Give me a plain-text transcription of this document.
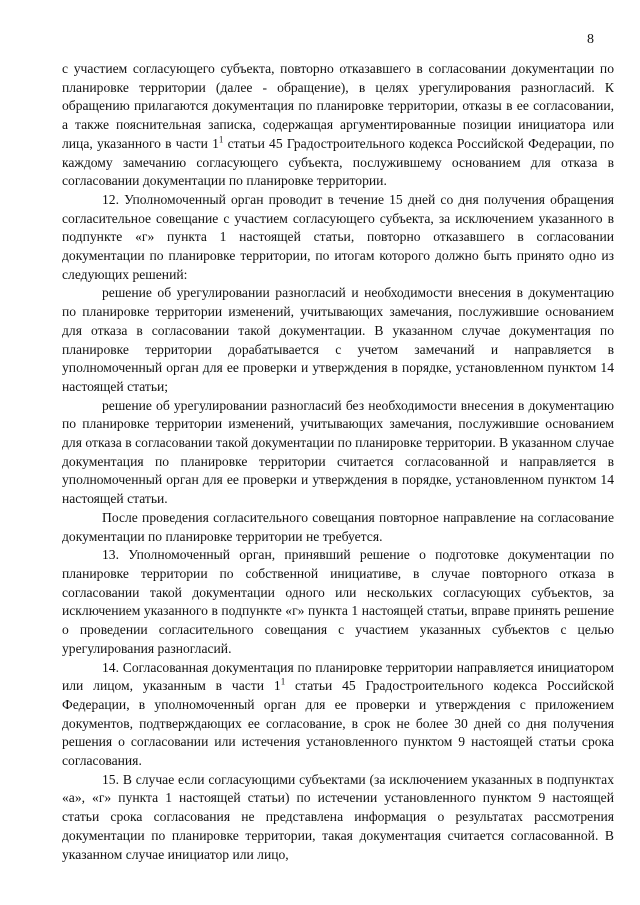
8

с участием согласующего субъекта, повторно отказавшего в согласовании документации по планировке территории (далее - обращение), в целях урегулирования разногласий. К обращению прилагаются документация по планировке территории, отказы в ее согласовании, а также пояснительная записка, содержащая аргументированные позиции инициатора или лица, указанного в части $1^1$ статьи 45 Градостроительного кодекса Российской Федерации, по каждому замечанию согласующего субъекта, послужившему основанием для отказа в согласовании документации по планировке территории.

12. Уполномоченный орган проводит в течение 15 дней со дня получения обращения согласительное совещание с участием согласующего субъекта, за исключением указанного в подпункте «г» пункта 1 настоящей статьи, повторно отказавшего в согласовании документации по планировке территории, по итогам которого должно быть принято одно из следующих решений:

решение об урегулировании разногласий и необходимости внесения в документацию по планировке территории изменений, учитывающих замечания, послужившие основанием для отказа в согласовании такой документации. В указанном случае документация по планировке территории дорабатывается с учетом замечаний и направляется в уполномоченный орган для ее проверки и утверждения в порядке, установленном пунктом 14 настоящей статьи;

решение об урегулировании разногласий без необходимости внесения в документацию по планировке территории изменений, учитывающих замечания, послужившие основанием для отказа в согласовании такой документации по планировке территории. В указанном случае документация по планировке территории считается согласованной и направляется в уполномоченный орган для ее проверки и утверждения в порядке, установленном пунктом 14 настоящей статьи.

После проведения согласительного совещания повторное направление на согласование документации по планировке территории не требуется.

13. Уполномоченный орган, принявший решение о подготовке документации по планировке территории по собственной инициативе, в случае повторного отказа в согласовании такой документации одного или нескольких согласующих субъектов, за исключением указанного в подпункте «г» пункта 1 настоящей статьи, вправе принять решение о проведении согласительного совещания с участием указанных субъектов с целью урегулирования разногласий.

14. Согласованная документация по планировке территории направляется инициатором или лицом, указанным в части $1^1$ статьи 45 Градостроительного кодекса Российской Федерации, в уполномоченный орган для ее проверки и утверждения с приложением документов, подтверждающих ее согласование, в срок не более 30 дней со дня получения решения о согласовании или истечения установленного пунктом 9 настоящей статьи срока согласования.

15. В случае если согласующими субъектами (за исключением указанных в подпунктах «а», «г» пункта 1 настоящей статьи) по истечении установленного пунктом 9 настоящей статьи срока согласования не представлена информация о результатах рассмотрения документации по планировке территории, такая документация считается согласованной. В указанном случае инициатор или лицо,
